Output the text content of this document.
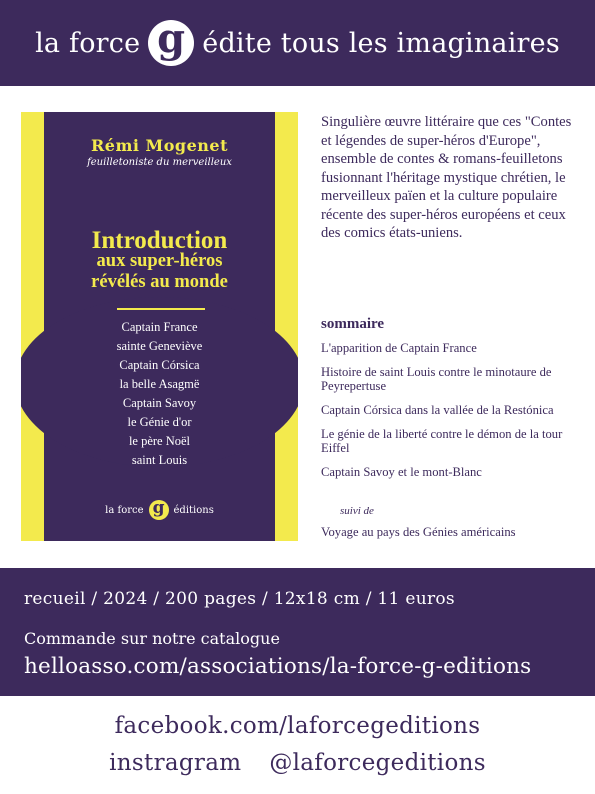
la force g édite tous les imaginaires
Rémi Mogenet
feuilletoniste du merveilleux
Introduction
aux super-héros
révélés au monde
Captain France
sainte Geneviève
Captain Córsica
la belle Asagmë
Captain Savoy
le Génie d'or
le père Noël
saint Louis
la force g éditions

Singulière œuvre littéraire que ces "Contes et légendes de super-héros d'Europe", ensemble de contes & romans-feuilletons fusionnant l'héritage mystique chrétien, le merveilleux païen et la culture populaire récente des super-héros européens et ceux des comics états-uniens.

sommaire
L'apparition de Captain France
Histoire de saint Louis contre le minotaure de Peyrepertuse
Captain Córsica dans la vallée de la Restónica
Le génie de la liberté contre le démon de la tour Eiffel
Captain Savoy et le mont-Blanc
suivi de
Voyage au pays des Génies américains
recueil / 2024 / 200 pages / 12x18 cm / 11 euros
Commande sur notre catalogue
helloasso.com/associations/la-force-g-editions
facebook.com/laforcegeditions
instragram @laforcegeditions
